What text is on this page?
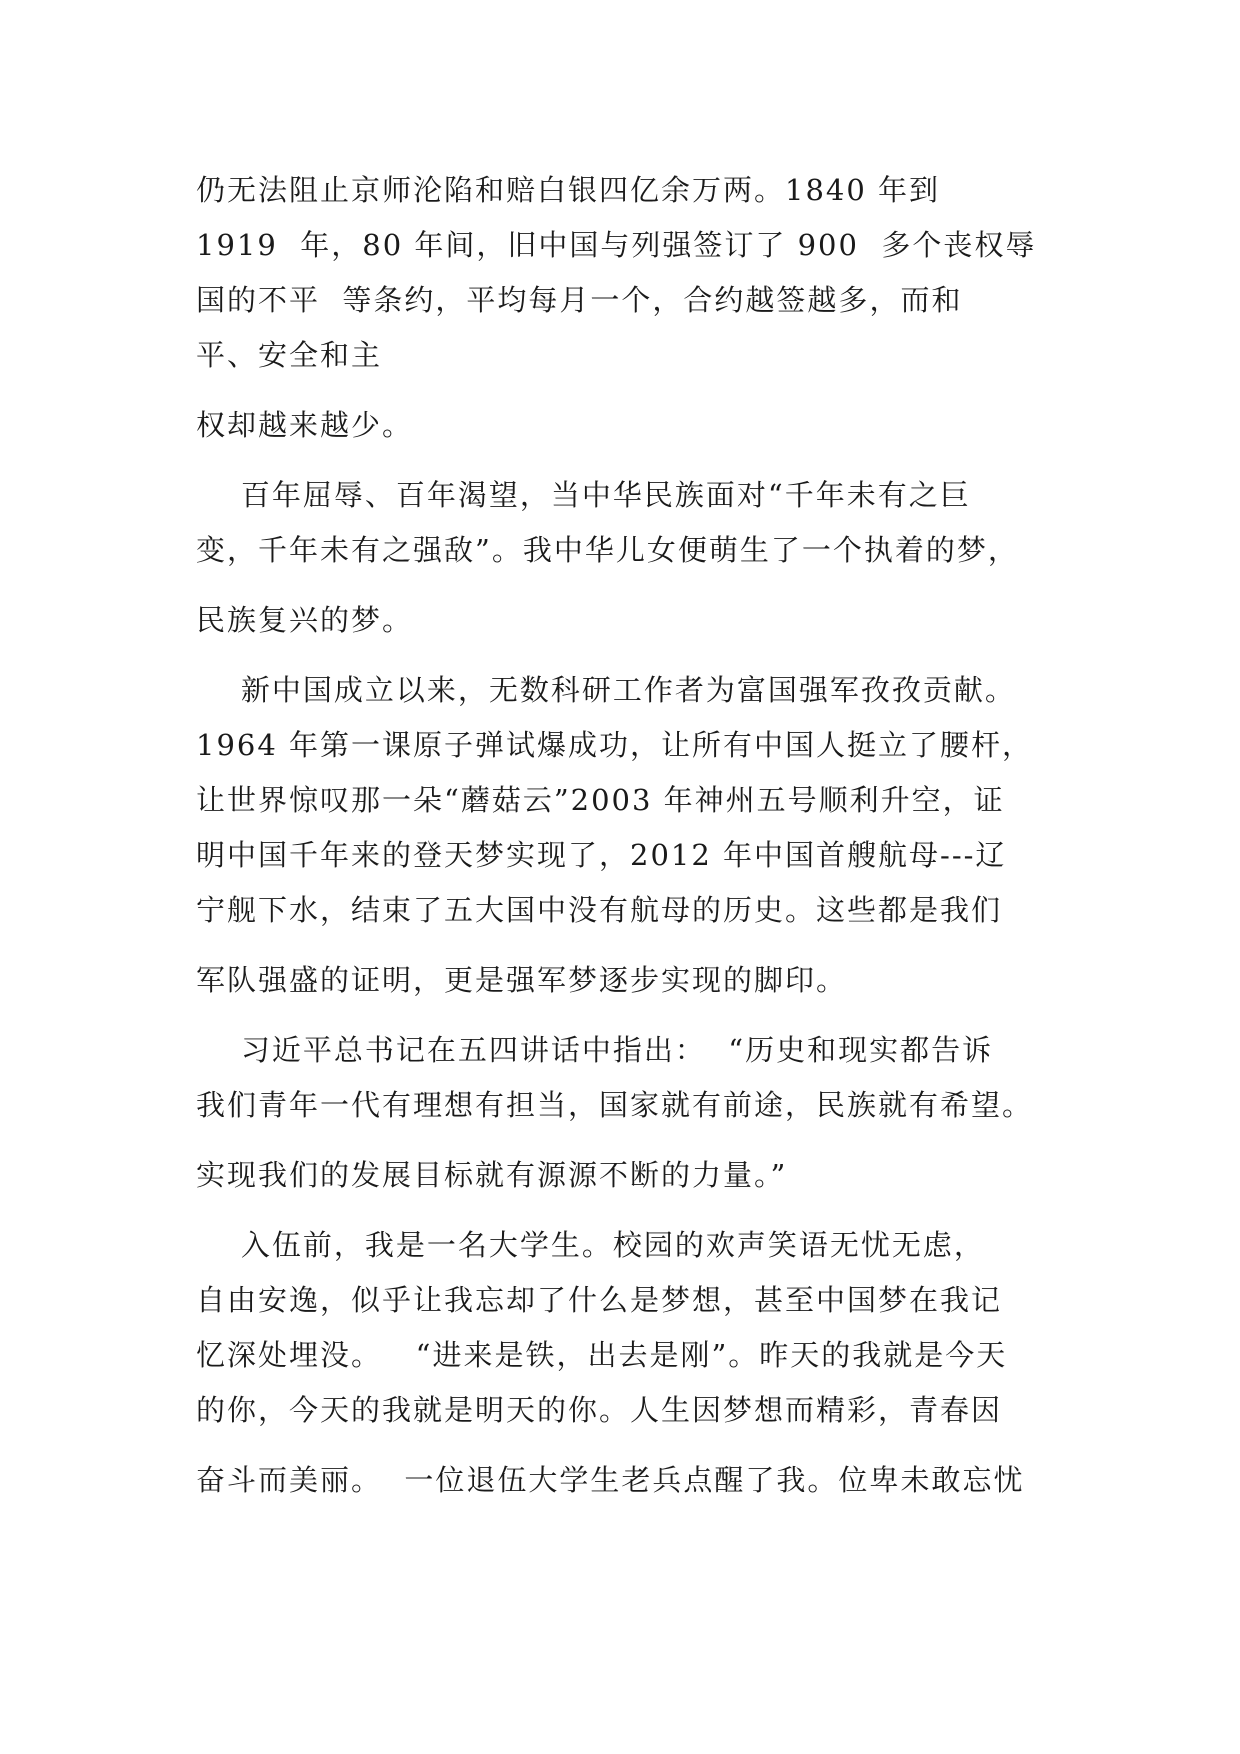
仍无法阻止京师沦陷和赔白银四亿余万两。1840 年到
1919  年，80 年间，旧中国与列强签订了 900  多个丧权辱
国的不平  等条约，平均每月一个，合约越签越多，而和
平、安全和主
权却越来越少。
百年屈辱、百年渴望，当中华民族面对“千年未有之巨
变，千年未有之强敌”。我中华儿女便萌生了一个执着的梦，
民族复兴的梦。
新中国成立以来，无数科研工作者为富国强军孜孜贡献。
1964 年第一课原子弹试爆成功，让所有中国人挺立了腰杆，
让世界惊叹那一朵“蘑菇云”2003 年神州五号顺利升空，证
明中国千年来的登天梦实现了，2012 年中国首艘航母---辽
宁舰下水，结束了五大国中没有航母的历史。这些都是我们
军队强盛的证明，更是强军梦逐步实现的脚印。
习近平总书记在五四讲话中指出：  “历史和现实都告诉
我们青年一代有理想有担当，国家就有前途，民族就有希望。
实现我们的发展目标就有源源不断的力量。”
入伍前，我是一名大学生。校园的欢声笑语无忧无虑，
自由安逸，似乎让我忘却了什么是梦想，甚至中国梦在我记
忆深处埋没。   “进来是铁，出去是刚”。昨天的我就是今天
的你，今天的我就是明天的你。人生因梦想而精彩，青春因
奋斗而美丽。  一位退伍大学生老兵点醒了我。位卑未敢忘忧
